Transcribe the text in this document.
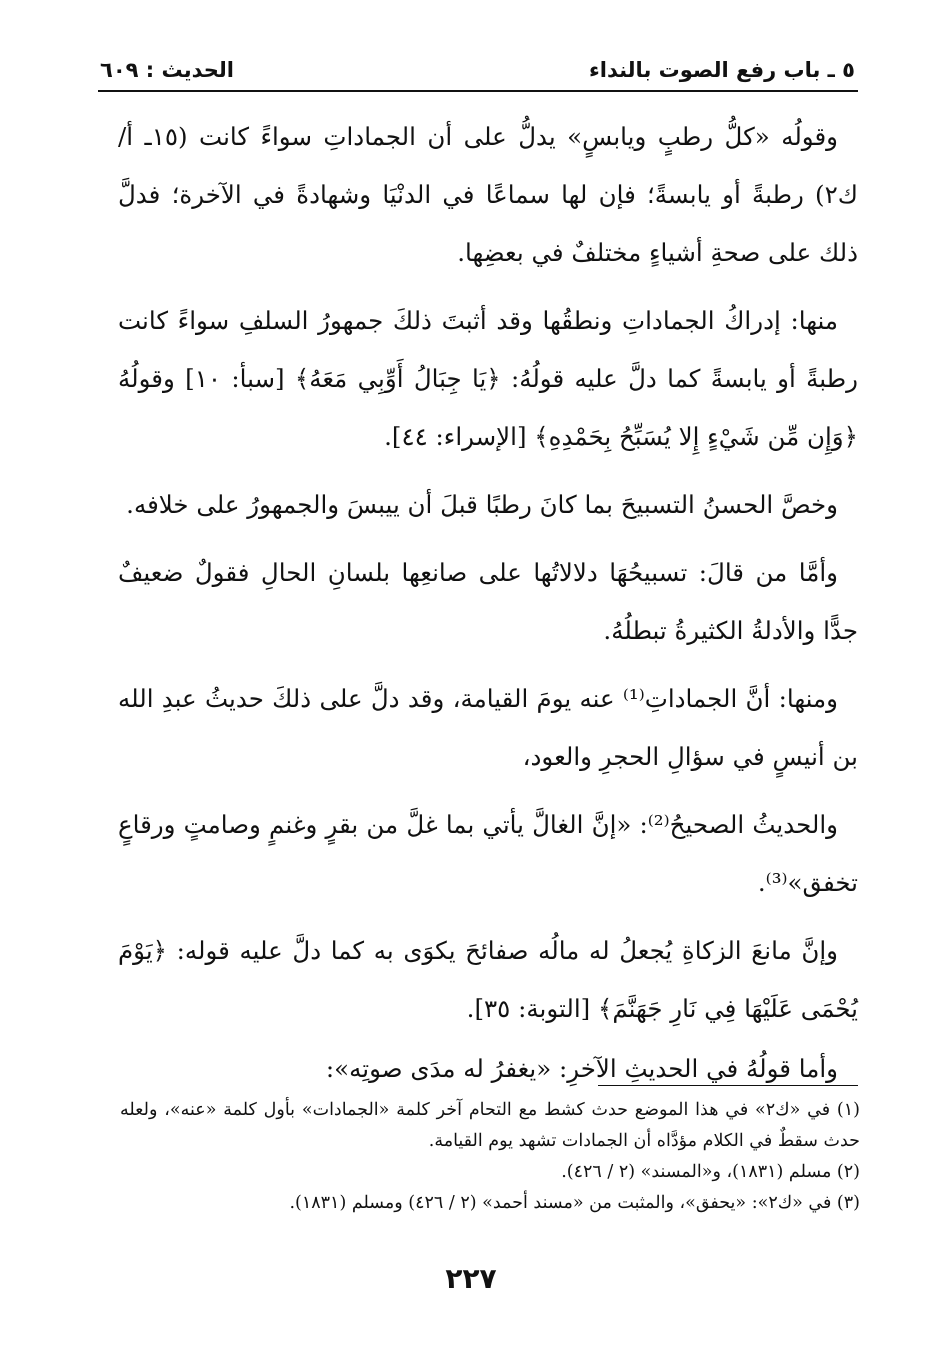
٥ ـ باب رفع الصوت بالنداء
الحديث : ٦٠٩

وقولُه «كلُّ رطبٍ ويابسٍ» يدلُّ على أن الجماداتِ سواءً كانت (١٥ـ أ/ك٢) رطبةً أو يابسةً؛ فإن لها سماعًا في الدنْيَا وشهادةً في الآخرة؛ فدلَّ ذلك على صحةِ أشياءٍ مختلفٌ في بعضِها.

منها: إدراكُ الجماداتِ ونطقُها وقد أثبتَ ذلكَ جمهورُ السلفِ سواءً كانت رطبةً أو يابسةً كما دلَّ عليه قولُهُ: ﴿يَا جِبَالُ أَوِّبِي مَعَهُ﴾ [سبأ: ١٠] وقولُهُ ﴿وَإِن مِّن شَيْءٍ إِلا يُسَبِّحُ بِحَمْدِهِ﴾ [الإسراء: ٤٤].

وخصَّ الحسنُ التسبيحَ بما كانَ رطبًا قبلَ أن ييبسَ والجمهورُ على خلافه.

وأمَّا من قالَ: تسبيحُهَا دلالاتُها على صانعِها بلسانِ الحالِ فقولٌ ضعيفٌ جدًّا والأدلةُ الكثيرةُ تبطلُهُ.

ومنها: أنَّ الجماداتِ⁽¹⁾ عنه يومَ القيامة، وقد دلَّ على ذلكَ حديثُ عبدِ الله بن أنيسٍ في سؤالِ الحجرِ والعود،

والحديثُ الصحيحُ⁽²⁾: «إنَّ الغالَّ يأتي بما غلَّ من بقرٍ وغنمٍ وصامتٍ ورقاعٍ تخفق»⁽³⁾.

وإنَّ مانعَ الزكاةِ يُجعلُ له مالُه صفائحَ يكوَى به كما دلَّ عليه قوله: ﴿يَوْمَ يُحْمَى عَلَيْهَا فِي نَارِ جَهَنَّمَ﴾ [التوبة: ٣٥].

وأما قولُهُ في الحديثِ الآخرِ: «يغفرُ له مدَى صوتِه»:

(١) في «ك٢» في هذا الموضع حدث كشط مع التحام آخر كلمة «الجمادات» بأول كلمة «عنه»، ولعله حدث سقطٌ في الكلام مؤدَّاه أن الجمادات تشهد يوم القيامة.

(٢) مسلم (١٨٣١)، و«المسند» (٢ / ٤٢٦).

(٣) في «ك٢»: «يحفق»، والمثبت من «مسند أحمد» (٢ / ٤٢٦) ومسلم (١٨٣١).

٢٢٧
